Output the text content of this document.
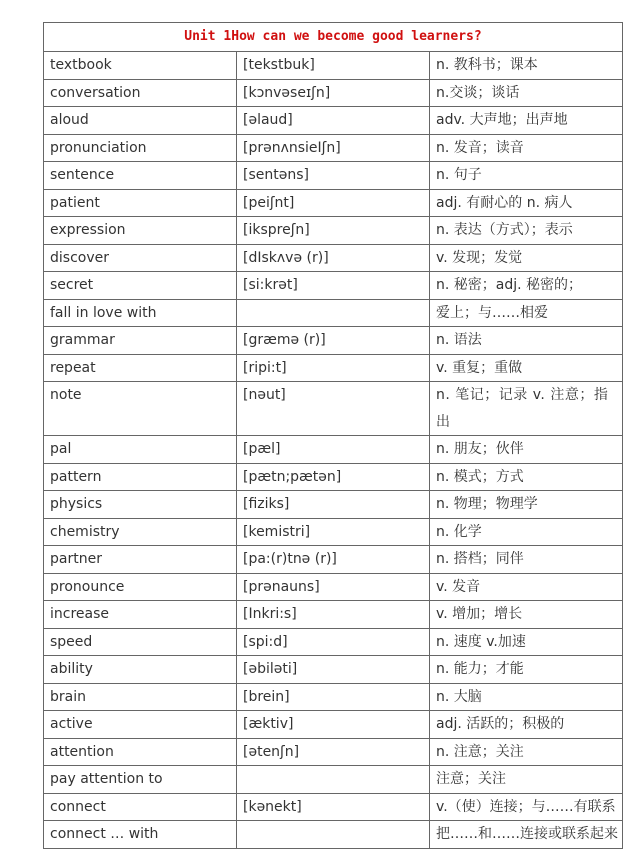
Unit 1How can we become good learners?		
textbook	[tekstbuk]	n. 教科书；课本
conversation	[kɔnvəseɪʃn]	n.交谈；谈话
aloud	[əlaud]	adv. 大声地；出声地
pronunciation	[prənʌnsieIʃn]	n. 发音；读音
sentence	[sentəns]	n. 句子
patient	[peiʃnt]	adj. 有耐心的 n. 病人
expression	[ikspreʃn]	n. 表达（方式）；表示
discover	[dIskʌvə (r)]	v. 发现；发觉
secret	[si:krət]	n. 秘密；adj. 秘密的；
fall in love with		爱上；与……相爱
grammar	[græmə (r)]	n. 语法
repeat	[ripi:t]	v. 重复；重做
note	[nəut]	n. 笔记；记录 v. 注意；指出
pal	[pæl]	n. 朋友；伙伴
pattern	[pætn;pætən]	n. 模式；方式
physics	[fiziks]	n. 物理；物理学
chemistry	[kemistri]	n. 化学
partner	[pa:(r)tnə (r)]	n. 搭档；同伴
pronounce	[prənauns]	v. 发音
increase	[Inkri:s]	v. 增加；增长
speed	[spi:d]	n. 速度 v.加速
ability	[əbiləti]	n. 能力；才能
brain	[brein]	n. 大脑
active	[æktiv]	adj. 活跃的；积极的
attention	[ətenʃn]	n. 注意；关注
pay attention to		注意；关注
connect	[kənekt]	v.（使）连接；与……有联系
connect … with		把……和……连接或联系起来
